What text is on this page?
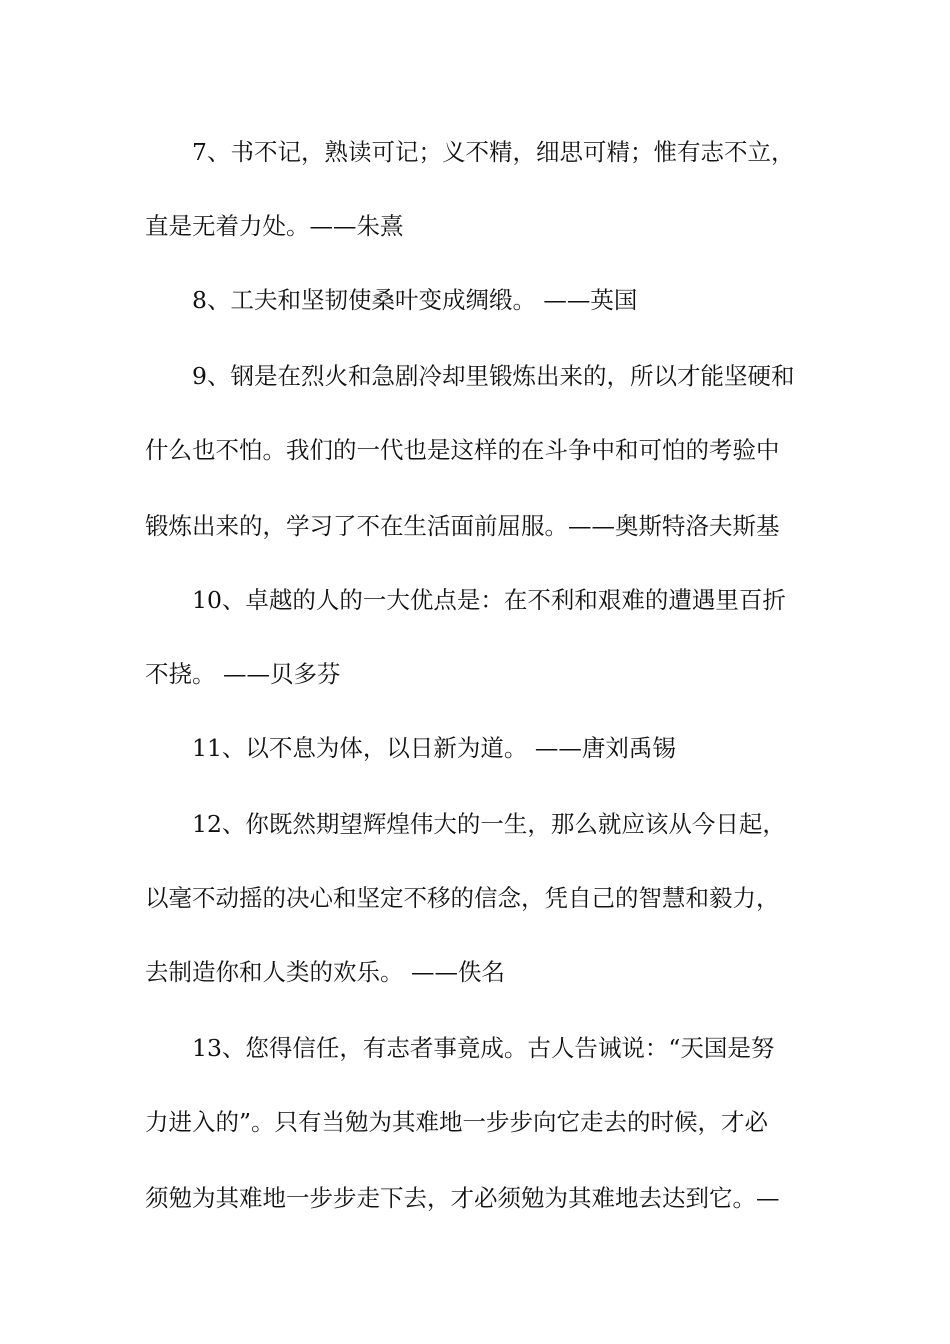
7、书不记，熟读可记；义不精，细思可精；惟有志不立，
直是无着力处。——朱熹
8、工夫和坚韧使桑叶变成绸缎。 ——英国
9、钢是在烈火和急剧冷却里锻炼出来的，所以才能坚硬和
什么也不怕。我们的一代也是这样的在斗争中和可怕的考验中
锻炼出来的，学习了不在生活面前屈服。——奥斯特洛夫斯基
10、卓越的人的一大优点是：在不利和艰难的遭遇里百折
不挠。 ——贝多芬
11、以不息为体，以日新为道。 ——唐刘禹锡
12、你既然期望辉煌伟大的一生，那么就应该从今日起，
以毫不动摇的决心和坚定不移的信念，凭自己的智慧和毅力，
去制造你和人类的欢乐。 ——佚名
13、您得信任，有志者事竟成。古人告诫说：“天国是努
力进入的”。只有当勉为其难地一步步向它走去的时候，才必
须勉为其难地一步步走下去，才必须勉为其难地去达到它。—
